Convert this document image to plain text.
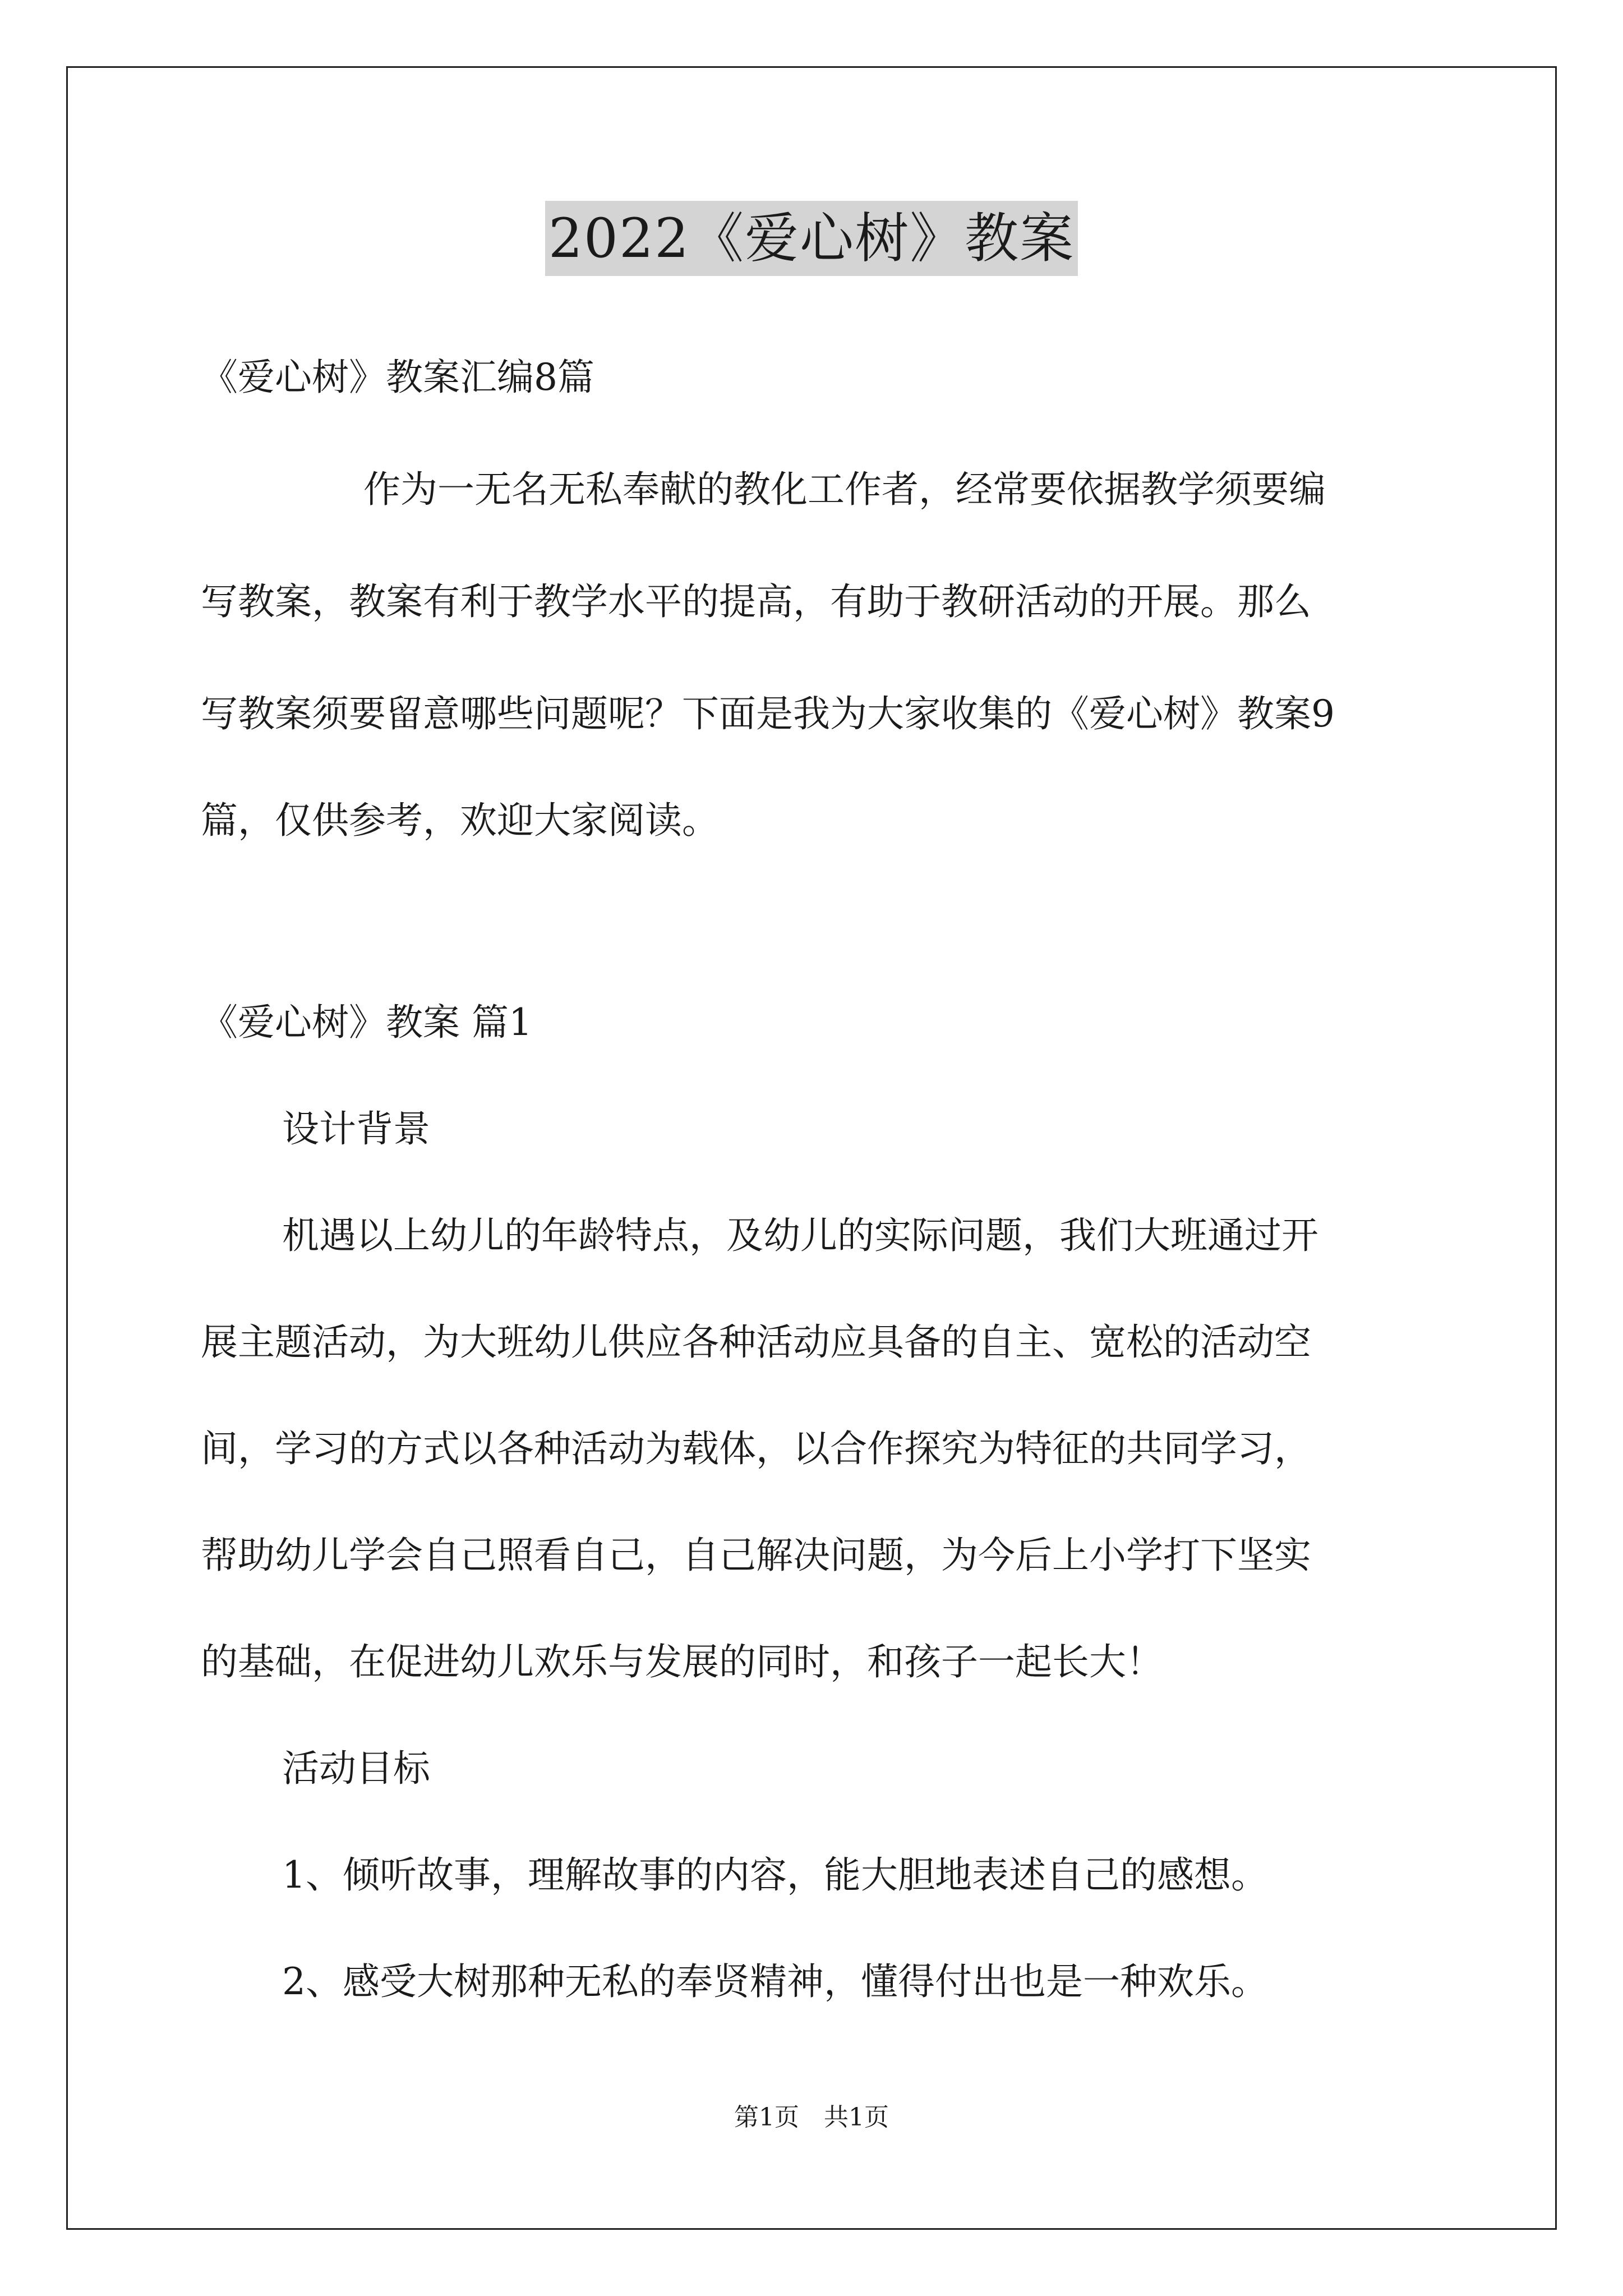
2022《爱心树》教案
《爱心树》教案汇编8篇
作为一无名无私奉献的教化工作者，经常要依据教学须要编
写教案，教案有利于教学水平的提高，有助于教研活动的开展。那么
写教案须要留意哪些问题呢？下面是我为大家收集的《爱心树》教案9
篇，仅供参考，欢迎大家阅读。
《爱心树》教案 篇1
设计背景
机遇以上幼儿的年龄特点，及幼儿的实际问题，我们大班通过开
展主题活动，为大班幼儿供应各种活动应具备的自主、宽松的活动空
间，学习的方式以各种活动为载体，以合作探究为特征的共同学习，
帮助幼儿学会自己照看自己，自己解决问题，为今后上小学打下坚实
的基础，在促进幼儿欢乐与发展的同时，和孩子一起长大！
活动目标
1、倾听故事，理解故事的内容，能大胆地表述自己的感想。
2、感受大树那种无私的奉贤精神，懂得付出也是一种欢乐。
第1页　共1页
